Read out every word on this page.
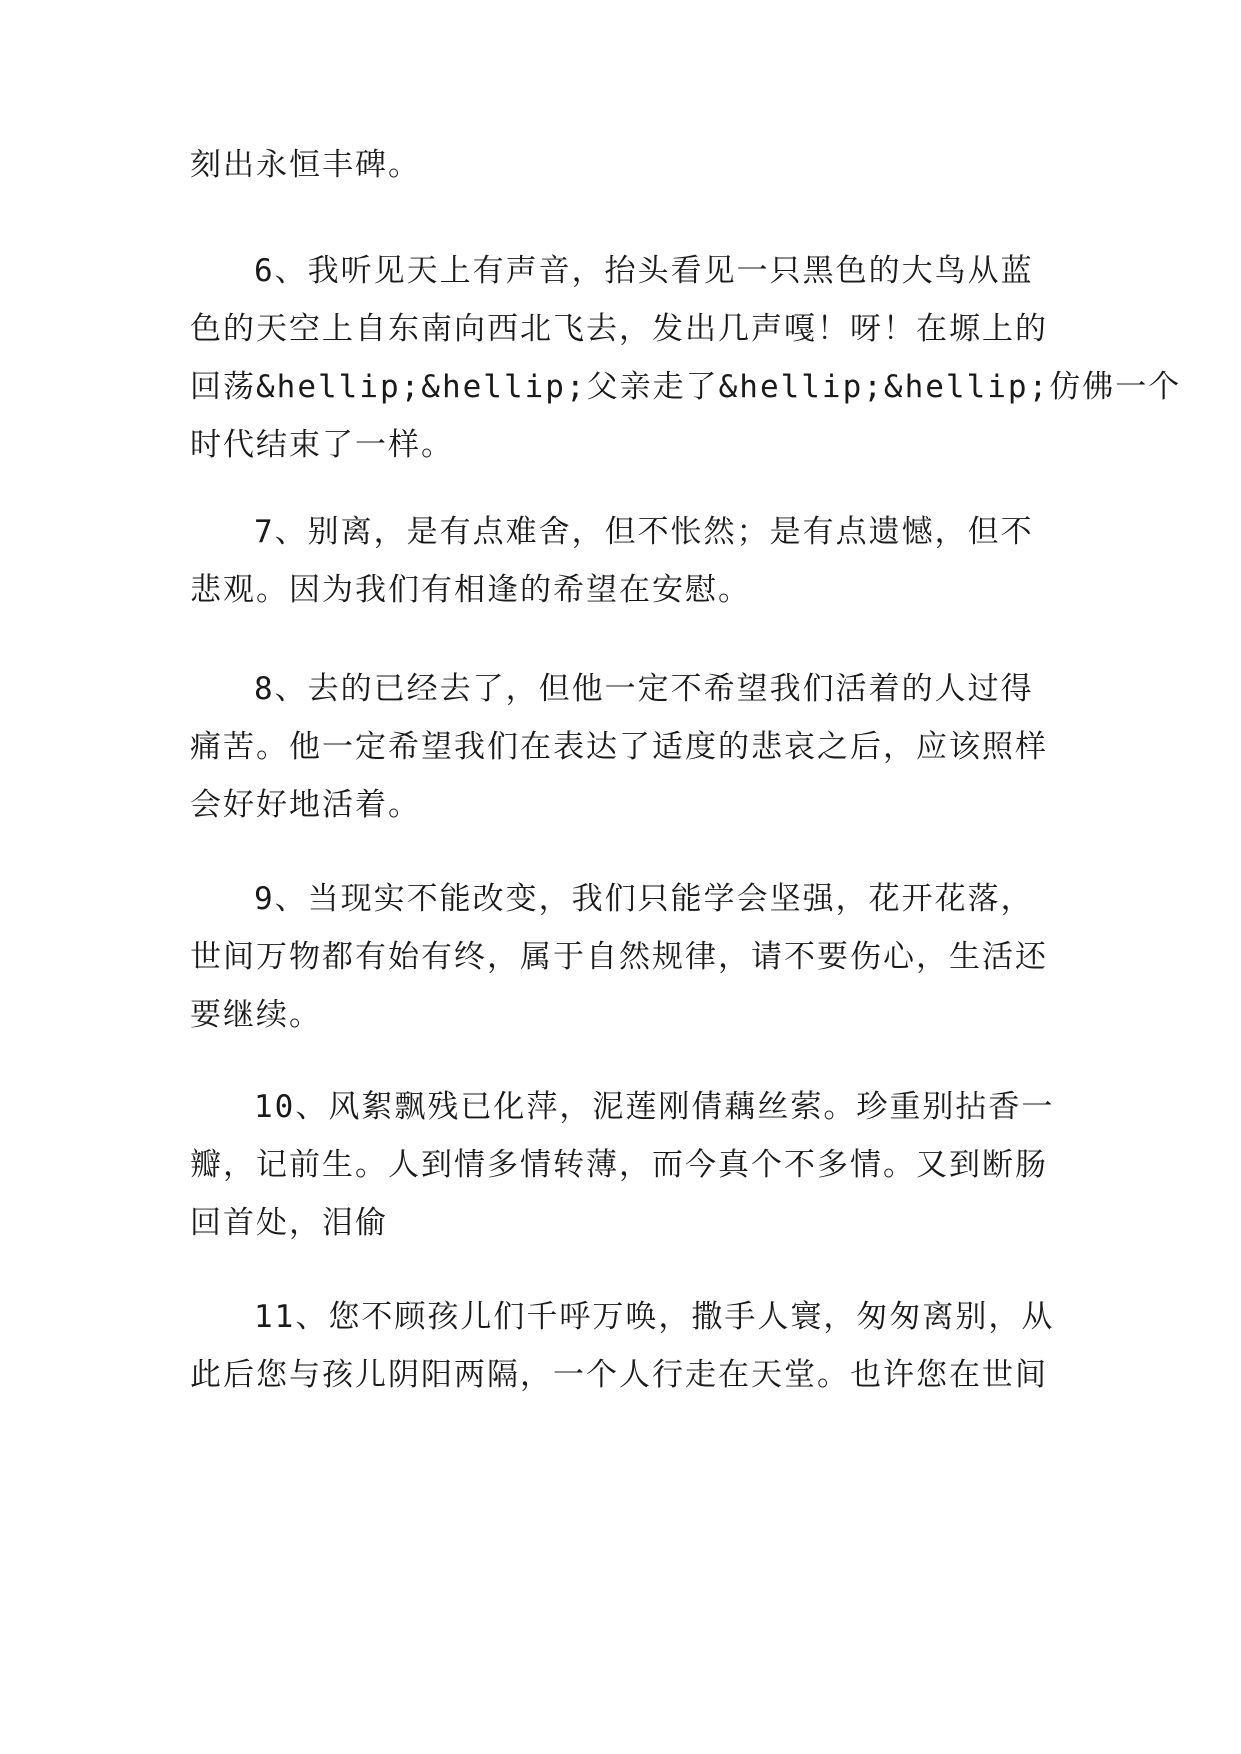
刻出永恒丰碑。
6、我听见天上有声音，抬头看见一只黑色的大鸟从蓝
色的天空上自东南向西北飞去，发出几声嘎！呀！在塬上的
回荡&hellip;&hellip;父亲走了&hellip;&hellip;仿佛一个
时代结束了一样。
7、别离，是有点难舍，但不怅然；是有点遗憾，但不
悲观。因为我们有相逢的希望在安慰。
8、去的已经去了，但他一定不希望我们活着的人过得
痛苦。他一定希望我们在表达了适度的悲哀之后，应该照样
会好好地活着。
9、当现实不能改变，我们只能学会坚强，花开花落，
世间万物都有始有终，属于自然规律，请不要伤心，生活还
要继续。
10、风絮飘残已化萍，泥莲刚倩藕丝萦。珍重别拈香一
瓣，记前生。人到情多情转薄，而今真个不多情。又到断肠
回首处，泪偷
11、您不顾孩儿们千呼万唤，撒手人寰，匆匆离别，从
此后您与孩儿阴阳两隔，一个人行走在天堂。也许您在世间
